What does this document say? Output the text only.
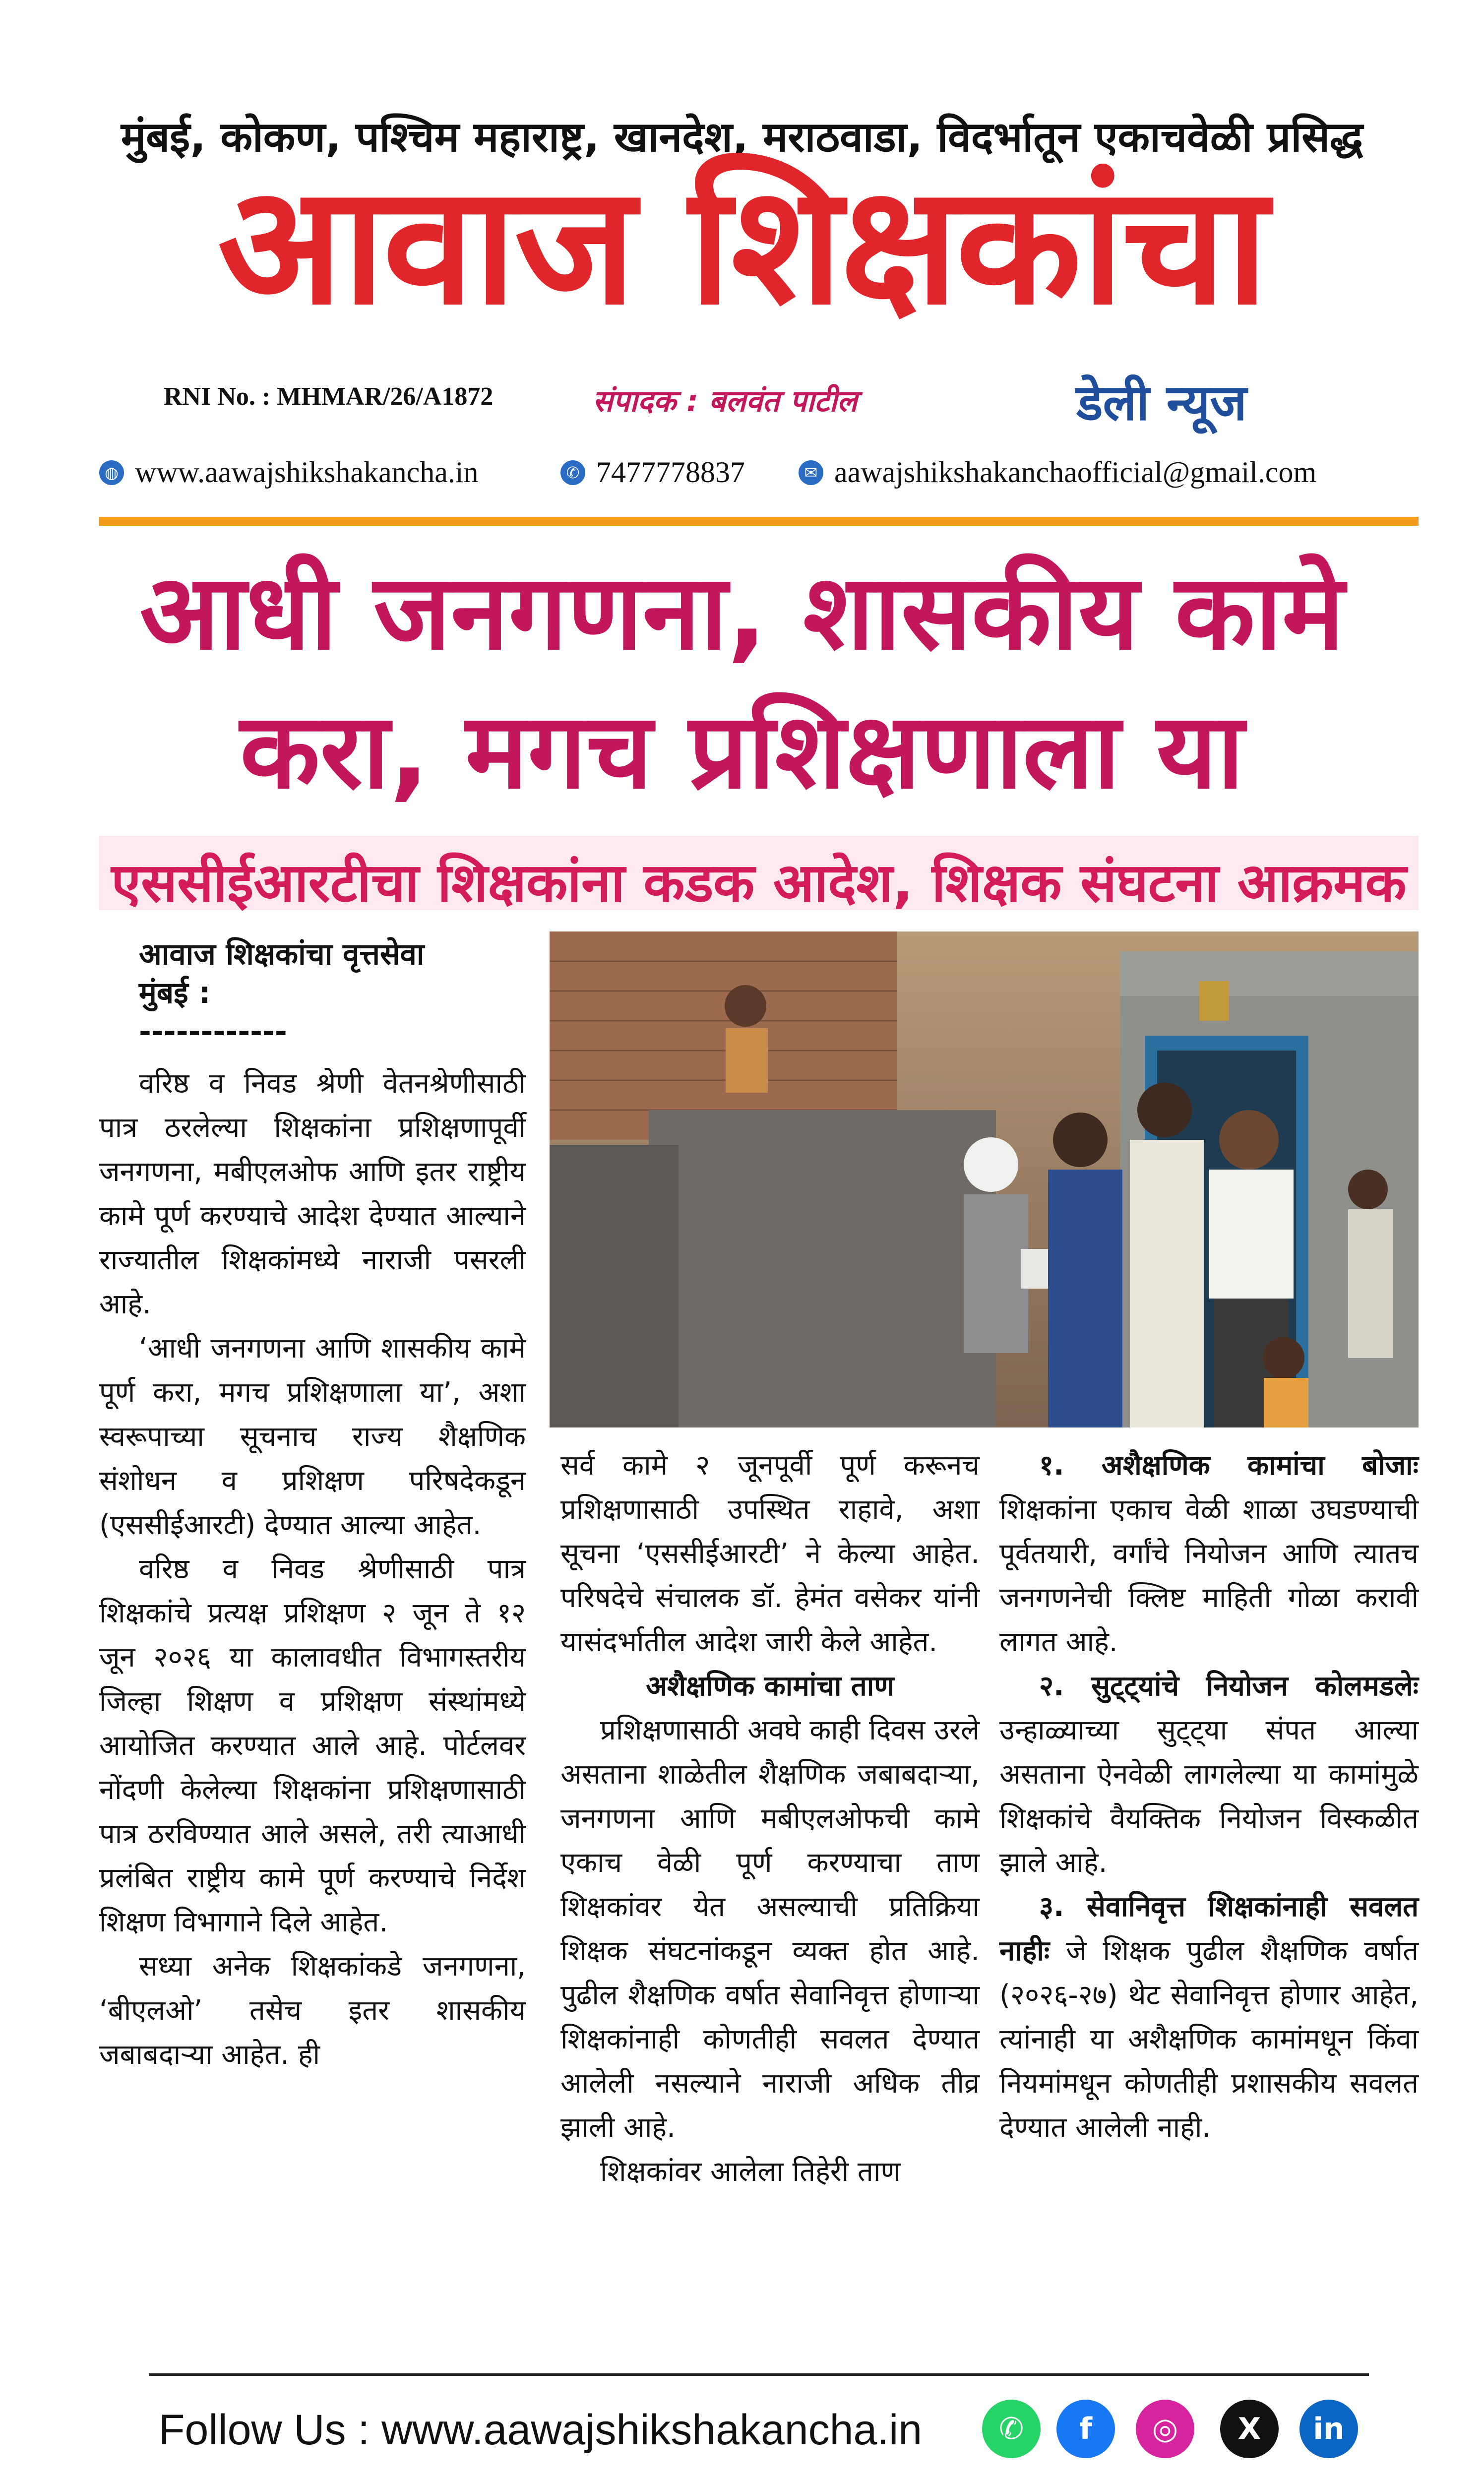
मुंबई, कोकण, पश्चिम महाराष्ट्र, खानदेश, मराठवाडा, विदर्भातून एकाचवेळी प्रसिद्ध
आवाज शिक्षकांचा
RNI No. : MHMAR/26/A1872	संपादक : बलवंत पाटील	डेली न्यूज
◍ www.aawajshikshakancha.in	✆ 7477778837	✉ aawajshikshakanchaofficial@gmail.com
आधी जनगणना, शासकीय कामे
करा, मगच प्रशिक्षणाला या
एससीईआरटीचा शिक्षकांना कडक आदेश, शिक्षक संघटना आक्रमक
आवाज शिक्षकांचा वृत्तसेवा
मुंबई :
------------

वरिष्ठ व निवड श्रेणी वेतनश्रेणीसाठी पात्र ठरलेल्या शिक्षकांना प्रशिक्षणापूर्वी जनगणना, मबीएलओफ आणि इतर राष्ट्रीय कामे पूर्ण करण्याचे आदेश देण्यात आल्याने राज्यातील शिक्षकांमध्ये नाराजी पसरली आहे.

‘आधी जनगणना आणि शासकीय कामे पूर्ण करा, मगच प्रशिक्षणाला या’, अशा स्वरूपाच्या सूचनाच राज्य शैक्षणिक संशोधन व प्रशिक्षण परिषदेकडून (एससीईआरटी) देण्यात आल्या आहेत.

वरिष्ठ व निवड श्रेणीसाठी पात्र शिक्षकांचे प्रत्यक्ष प्रशिक्षण २ जून ते १२ जून २०२६ या कालावधीत विभागस्तरीय जिल्हा शिक्षण व प्रशिक्षण संस्थांमध्ये आयोजित करण्यात आले आहे. पोर्टलवर नोंदणी केलेल्या शिक्षकांना प्रशिक्षणासाठी पात्र ठरविण्यात आले असले, तरी त्याआधी प्रलंबित राष्ट्रीय कामे पूर्ण करण्याचे निर्देश शिक्षण विभागाने दिले आहेत.

सध्या अनेक शिक्षकांकडे जनगणना, ‘बीएलओ’ तसेच इतर शासकीय जबाबदाऱ्या आहेत. ही

सर्व कामे २ जूनपूर्वी पूर्ण करूनच प्रशिक्षणासाठी उपस्थित राहावे, अशा सूचना ‘एससीईआरटी’ ने केल्या आहेत. परिषदेचे संचालक डॉ. हेमंत वसेकर यांनी यासंदर्भातील आदेश जारी केले आहेत.

अशैक्षणिक कामांचा ताण

प्रशिक्षणासाठी अवघे काही दिवस उरले असताना शाळेतील शैक्षणिक जबाबदाऱ्या, जनगणना आणि मबीएलओफची कामे एकाच वेळी पूर्ण करण्याचा ताण शिक्षकांवर येत असल्याची प्रतिक्रिया शिक्षक संघटनांकडून व्यक्त होत आहे. पुढील शैक्षणिक वर्षात सेवानिवृत्त होणाऱ्या शिक्षकांनाही कोणतीही सवलत देण्यात आलेली नसल्याने नाराजी अधिक तीव्र झाली आहे.

शिक्षकांवर आलेला तिहेरी ताण

१. अशैक्षणिक कामांचा बोजाः शिक्षकांना एकाच वेळी शाळा उघडण्याची पूर्वतयारी, वर्गांचे नियोजन आणि त्यातच जनगणनेची क्लिष्ट माहिती गोळा करावी लागत आहे.

२. सुट्ट्यांचे नियोजन कोलमडलेः उन्हाळ्याच्या सुट्ट्या संपत आल्या असताना ऐनवेळी लागलेल्या या कामांमुळे शिक्षकांचे वैयक्तिक नियोजन विस्कळीत झाले आहे.

३. सेवानिवृत्त शिक्षकांनाही सवलत नाहीः जे शिक्षक पुढील शैक्षणिक वर्षात (२०२६-२७) थेट सेवानिवृत्त होणार आहेत, त्यांनाही या अशैक्षणिक कामांमधून किंवा नियमांमधून कोणतीही प्रशासकीय सवलत देण्यात आलेली नाही.

Follow Us : www.aawajshikshakancha.in	✆	f	◎	X	in
